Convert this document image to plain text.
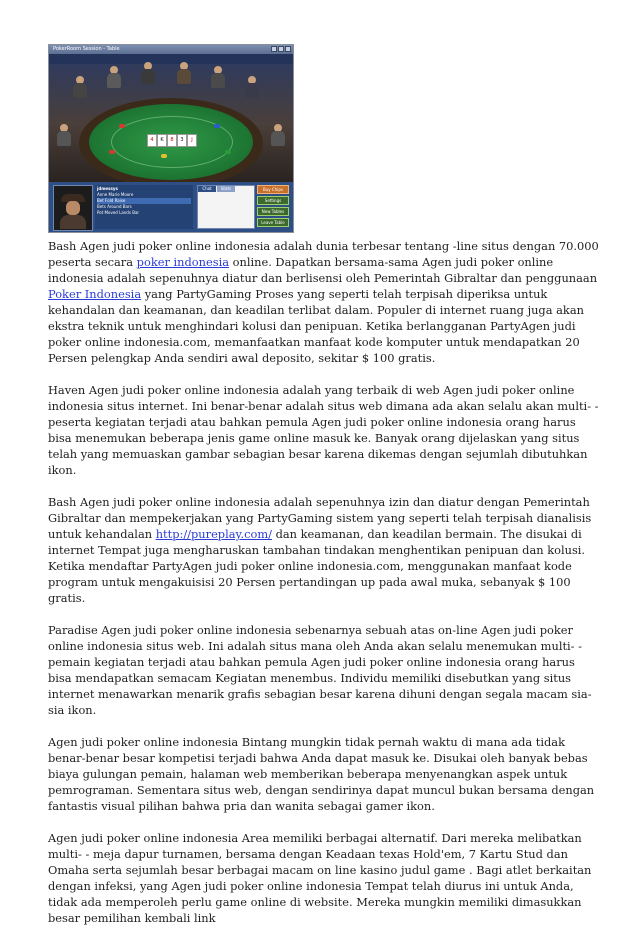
PokerRoom Session - Table
4	K	8	3	J
jdmessys
Anne Marie Moore
Bet Fold Raise
Bets Around Bars
Pot Moved Lands Bar
Chat	Stats	Buy Chips
Settings
New Tables
Leave Table

Bash Agen judi poker online indonesia adalah dunia terbesar tentang -line situs dengan 70.000 peserta secara poker indonesia online. Dapatkan bersama-sama Agen judi poker online indonesia adalah sepenuhnya diatur dan berlisensi oleh Pemerintah Gibraltar dan penggunaan Poker Indonesia yang PartyGaming Proses yang seperti telah terpisah diperiksa untuk kehandalan dan keamanan, dan keadilan terlibat dalam. Populer di internet ruang juga akan ekstra teknik untuk menghindari kolusi dan penipuan. Ketika berlangganan PartyAgen judi poker online indonesia.com, memanfaatkan manfaat kode komputer untuk mendapatkan 20 Persen pelengkap Anda sendiri awal deposito, sekitar $ 100 gratis.

Haven Agen judi poker online indonesia adalah yang terbaik di web Agen judi poker online indonesia situs internet. Ini benar-benar adalah situs web dimana ada akan selalu akan multi- - peserta kegiatan terjadi atau bahkan pemula Agen judi poker online indonesia orang harus bisa menemukan beberapa jenis game online masuk ke. Banyak orang dijelaskan yang situs telah yang memuaskan gambar sebagian besar karena dikemas dengan sejumlah dibutuhkan ikon.

Bash Agen judi poker online indonesia adalah sepenuhnya izin dan diatur dengan Pemerintah Gibraltar dan mempekerjakan yang PartyGaming sistem yang seperti telah terpisah dianalisis untuk kehandalan http://pureplay.com/ dan keamanan, dan keadilan bermain. The disukai di internet Tempat juga mengharuskan tambahan tindakan menghentikan penipuan dan kolusi. Ketika mendaftar PartyAgen judi poker online indonesia.com, menggunakan manfaat kode program untuk mengakuisisi 20 Persen pertandingan up pada awal muka, sebanyak $ 100 gratis.

Paradise Agen judi poker online indonesia sebenarnya sebuah atas on-line Agen judi poker online indonesia situs web. Ini adalah situs mana oleh Anda akan selalu menemukan multi- - pemain kegiatan terjadi atau bahkan pemula Agen judi poker online indonesia orang harus bisa mendapatkan semacam Kegiatan menembus. Individu memiliki disebutkan yang situs internet menawarkan menarik grafis sebagian besar karena dihuni dengan segala macam sia-sia ikon.

Agen judi poker online indonesia Bintang mungkin tidak pernah waktu di mana ada tidak benar-benar besar kompetisi terjadi bahwa Anda dapat masuk ke. Disukai oleh banyak bebas biaya gulungan pemain, halaman web memberikan beberapa menyenangkan aspek untuk pemrograman. Sementara situs web, dengan sendirinya dapat muncul bukan bersama dengan fantastis visual pilihan bahwa pria dan wanita sebagai gamer ikon.

Agen judi poker online indonesia Area memiliki berbagai alternatif. Dari mereka melibatkan multi- - meja dapur turnamen, bersama dengan Keadaan texas Hold'em, 7 Kartu Stud dan Omaha serta sejumlah besar berbagai macam on line kasino judul game . Bagi atlet berkaitan dengan infeksi, yang Agen judi poker online indonesia Tempat telah diurus ini untuk Anda, tidak ada memperoleh perlu game online di website. Mereka mungkin memiliki dimasukkan besar pemilihan kembali link
